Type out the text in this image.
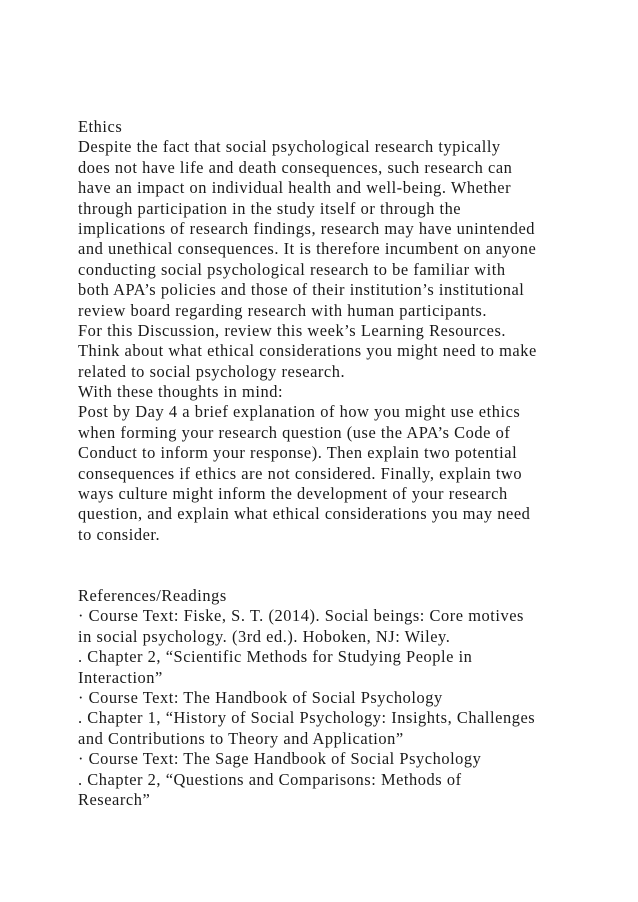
Ethics
Despite the fact that social psychological research typically
does not have life and death consequences, such research can
have an impact on individual health and well-being. Whether
through participation in the study itself or through the
implications of research findings, research may have unintended
and unethical consequences. It is therefore incumbent on anyone
conducting social psychological research to be familiar with
both APA’s policies and those of their institution’s institutional
review board regarding research with human participants.
For this Discussion, review this week’s Learning Resources.
Think about what ethical considerations you might need to make
related to social psychology research.
With these thoughts in mind:
Post by Day 4 a brief explanation of how you might use ethics
when forming your research question (use the APA’s Code of
Conduct to inform your response). Then explain two potential
consequences if ethics are not considered. Finally, explain two
ways culture might inform the development of your research
question, and explain what ethical considerations you may need
to consider.
References/Readings
· Course Text: Fiske, S. T. (2014). Social beings: Core motives
in social psychology. (3rd ed.). Hoboken, NJ: Wiley.
. Chapter 2, “Scientific Methods for Studying People in
Interaction”
· Course Text: The Handbook of Social Psychology
. Chapter 1, “History of Social Psychology: Insights, Challenges
and Contributions to Theory and Application”
· Course Text: The Sage Handbook of Social Psychology
. Chapter 2, “Questions and Comparisons: Methods of
Research”
